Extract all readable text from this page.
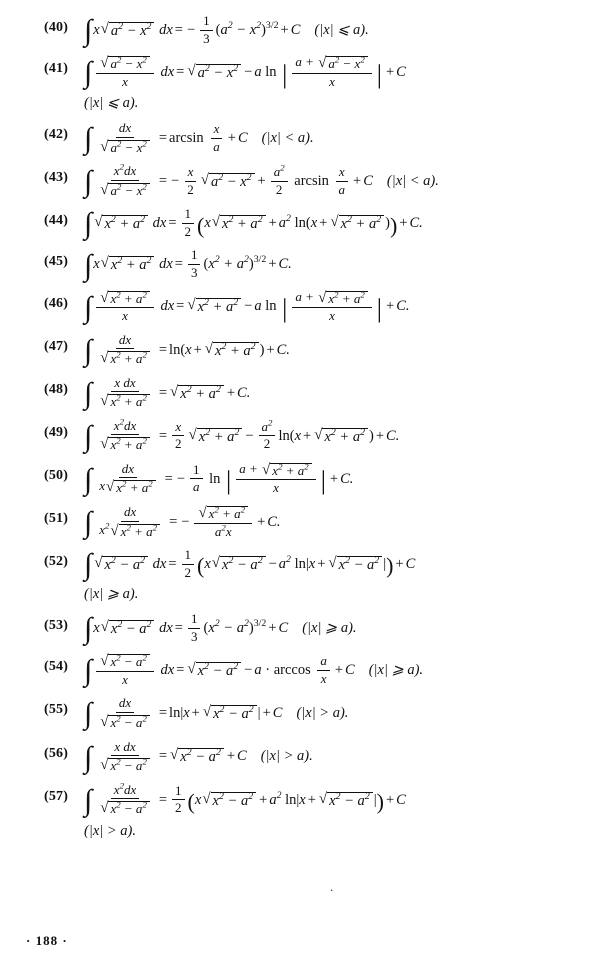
(40) ∫ x √ $a^2 - x^2$ dx = − $\frac{1}{3}$ ( $a^2 - x^2$ )$^{3/2}$ + C (|x| ⩽ a).
(41) ∫ $\frac{√ a^2 - x^2}{x}$ dx = √ $a^2 - x^2 - a$ ln | $\frac{a + √ a^2 - x^2}{x}$ | + C
(|x| ⩽ a).
(42) ∫ $\frac{dx}{√ a^2 - x^2} = \arcsin \frac{x}{a} + C$ (|x| < a).
(43) ∫ $\frac{x^2dx}{√ a^2 - x^2}$ = − $\frac{x}{2}$ √ $a^2 - x^2 + \frac{a^2}{2}$ $\arcsin \frac{x}{a} + C$ (|x| < a).
(44) ∫ √ $x^2 + a^2$ dx = $\frac{1}{2}$ ( x √ $x^2 + a^2 + a^2$ ln( x + √ $x^2 + a^2$ ) ) + C.
(45) ∫ x √ $x^2 + a^2$ dx = $\frac{1}{3}$ ( $x^2 + a^2$ )$^{3/2}$ + C.
(46) ∫ $\frac{√ x^2 + a^2}{x}$ dx = √ $x^2 + a^2 - a$ ln | $\frac{a + √ x^2 + a^2}{x}$ | + C.
(47) ∫ $\frac{dx}{√ x^2 + a^2} = \ln$( x + √ $x^2 + a^2$ ) + C.
(48) ∫ $\frac{\text{x dx}}{√ x^2 + a^2}$ = √ $x^2 + a^2 + C$.
(49) ∫ $\frac{x^2dx}{√ x^2 + a^2} = \frac{x}{2}$ √ $x^2 + a^2 - \frac{a^2}{2} \ln$( x + √ $x^2 + a^2$ ) + C.
(50) ∫ $\frac{dx}{x √ x^2 + a^2}$ = − $\frac{1}{a}$ ln | $\frac{a + √ x^2 + a^2}{x}$ | + C.
(51) ∫ $\frac{dx}{x^2 √ x^2 + a^2}$ = − $\frac{√ x^2 + a^2}{a^2x} + C$.
(52) ∫ √ $x^2 - a^2$ dx = $\frac{1}{2}$ ( x √ $x^2 - a^2 - a^2$ ln| x + √ $x^2 - a^2$ | ) + C
(|x| ⩾ a).
(53) ∫ x √ $x^2 - a^2$ dx = $\frac{1}{3}$ ( $x^2 - a^2$ )$^{3/2}$ + C (|x| ⩾ a).
(54) ∫ $\frac{√ x^2 - a^2}{x}$ dx = √ $x^2 - a^2 - a \cdot \arccos \frac{a}{x} + C$ (|x| ⩾ a).
(55) ∫ $\frac{dx}{√ x^2 - a^2} = \ln|$ x + √ $x^2 - a^2$ | + C (|x| > a).
(56) ∫ $\frac{\text{x dx}}{√ x^2 - a^2}$ = √ $x^2 - a^2 + C$ (|x| > a).
(57) ∫ $\frac{x^2dx}{√ x^2 - a^2} = \frac{1}{2}$ ( x √ $x^2 - a^2 + a^2$ ln| x + √ $x^2 - a^2$ | ) + C
(|x| > a).
.
· 188 ·
